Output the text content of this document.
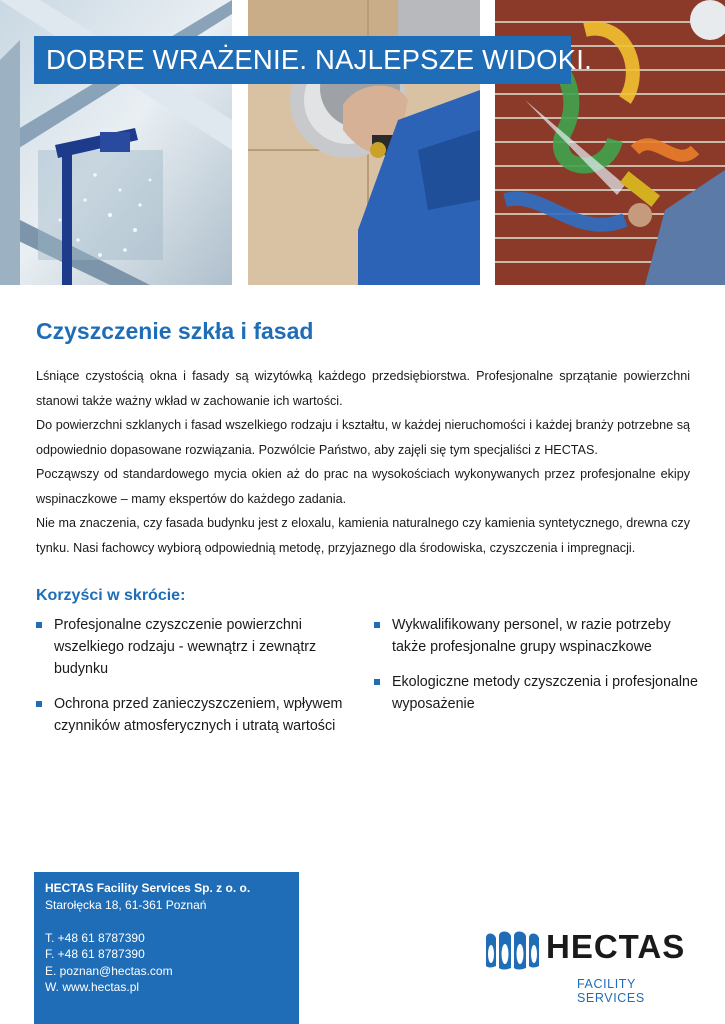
DOBRE WRAŻENIE. NAJLEPSZE WIDOKI.
Czyszczenie szkła i fasad

Lśniące czystością okna i fasady są wizytówką każdego przedsiębiorstwa. Profesjonalne sprzątanie powierzchni stanowi także ważny wkład w zachowanie ich wartości.

Do powierzchni szklanych i fasad wszelkiego rodzaju i kształtu, w każdej nieruchomości i każdej branży potrzebne są odpowiednio dopasowane rozwiązania. Pozwólcie Państwo, aby zajęli się tym specjaliści z HECTAS.

Począwszy od standardowego mycia okien aż do prac na wysokościach wykonywanych przez profesjonalne ekipy wspinaczkowe – mamy ekspertów do każdego zadania.

Nie ma znaczenia, czy fasada budynku jest z eloxalu, kamienia naturalnego czy kamienia syntetycznego, drewna czy tynku. Nasi fachowcy wybiorą odpowiednią metodę, przyjaznego dla środowiska, czyszczenia i impregnacji.

Korzyści w skrócie:
Profesjonalne czyszczenie powierzchni wszelkiego rodzaju - wewnątrz i zewnątrz budynku
Ochrona przed zanieczyszczeniem, wpływem czynników atmosferycznych i utratą wartości
Wykwalifikowany personel, w razie potrzeby także profesjonalne grupy wspinaczkowe
Ekologiczne metody czyszczenia i profesjonalne wyposażenie
HECTAS Facility Services Sp. z o. o.
Starołęcka 18, 61-361 Poznań
T. +48 61 8787390
F. +48 61 8787390
E. poznan@hectas.com
W. www.hectas.pl
HECTAS
FACILITY SERVICES
